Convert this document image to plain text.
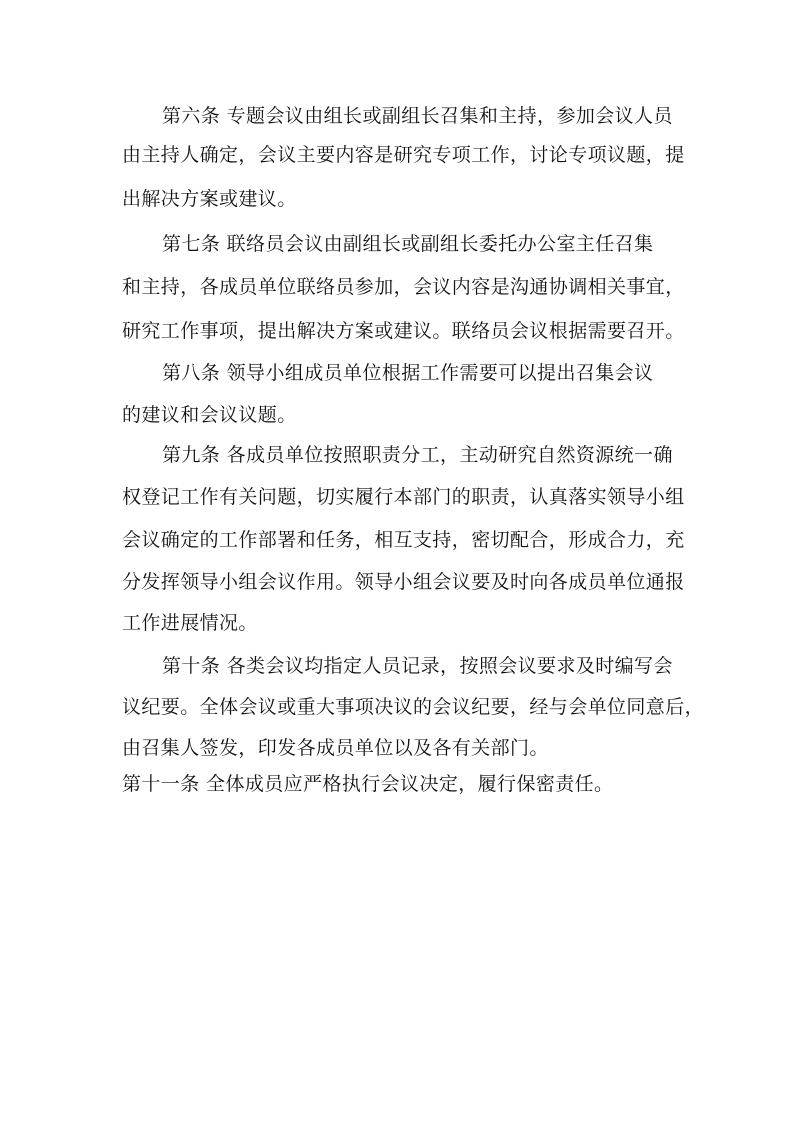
第六条 专题会议由组长或副组长召集和主持，参加会议人员
由主持人确定，会议主要内容是研究专项工作，讨论专项议题，提
出解决方案或建议。
第七条 联络员会议由副组长或副组长委托办公室主任召集
和主持，各成员单位联络员参加，会议内容是沟通协调相关事宜，
研究工作事项，提出解决方案或建议。联络员会议根据需要召开。
第八条 领导小组成员单位根据工作需要可以提出召集会议
的建议和会议议题。
第九条 各成员单位按照职责分工，主动研究自然资源统一确
权登记工作有关问题，切实履行本部门的职责，认真落实领导小组
会议确定的工作部署和任务，相互支持，密切配合，形成合力，充
分发挥领导小组会议作用。领导小组会议要及时向各成员单位通报
工作进展情况。
第十条 各类会议均指定人员记录，按照会议要求及时编写会
议纪要。全体会议或重大事项决议的会议纪要，经与会单位同意后，
由召集人签发，印发各成员单位以及各有关部门。
第十一条 全体成员应严格执行会议决定，履行保密责任。
